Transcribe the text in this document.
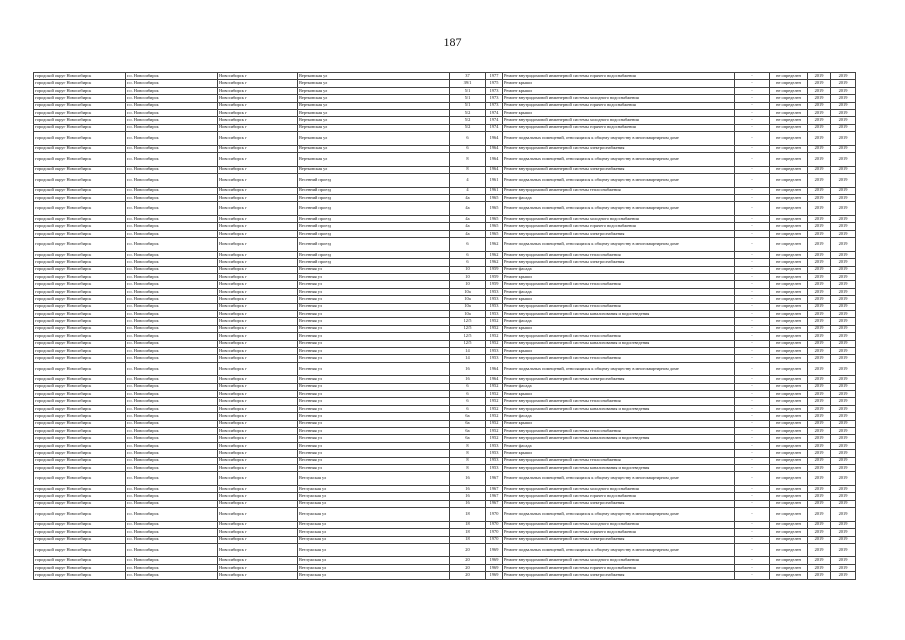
187
городской округ Новосибирск	г.о. Новосибирск	Новосибирск г	Вертковская ул	37	1977	Ремонт внутридомовой инженерной системы горячего водоснабжения	-	не определен	2019	2019
городской округ Новосибирск	г.о. Новосибирск	Новосибирск г	Вертковская ул	39/1	1975	Ремонт крыши	-	не определен	2019	2019
городской округ Новосибирск	г.о. Новосибирск	Новосибирск г	Вертковская ул	5/1	1973	Ремонт крыши	-	не определен	2019	2019
городской округ Новосибирск	г.о. Новосибирск	Новосибирск г	Вертковская ул	5/1	1973	Ремонт внутридомовой инженерной системы холодного водоснабжения	-	не определен	2019	2019
городской округ Новосибирск	г.о. Новосибирск	Новосибирск г	Вертковская ул	5/1	1973	Ремонт внутридомовой инженерной системы горячего водоснабжения	-	не определен	2019	2019
городской округ Новосибирск	г.о. Новосибирск	Новосибирск г	Вертковская ул	5/2	1974	Ремонт крыши	-	не определен	2019	2019
городской округ Новосибирск	г.о. Новосибирск	Новосибирск г	Вертковская ул	5/2	1974	Ремонт внутридомовой инженерной системы холодного водоснабжения	-	не определен	2019	2019
городской округ Новосибирск	г.о. Новосибирск	Новосибирск г	Вертковская ул	5/2	1974	Ремонт внутридомовой инженерной системы горячего водоснабжения	-	не определен	2019	2019
городской округ Новосибирск	г.о. Новосибирск	Новосибирск г	Вертковская ул	6	1964	Ремонт подвальных помещений, относящихся к общему имуществу в многоквартирном доме	-	не определен	2019	2019
городской округ Новосибирск	г.о. Новосибирск	Новосибирск г	Вертковская ул	6	1964	Ремонт внутридомовой инженерной системы электроснабжения	-	не определен	2019	2019
городской округ Новосибирск	г.о. Новосибирск	Новосибирск г	Вертковская ул	8	1964	Ремонт подвальных помещений, относящихся к общему имуществу в многоквартирном доме	-	не определен	2019	2019
городской округ Новосибирск	г.о. Новосибирск	Новосибирск г	Вертковская ул	8	1964	Ремонт внутридомовой инженерной системы электроснабжения	-	не определен	2019	2019
городской округ Новосибирск	г.о. Новосибирск	Новосибирск г	Весенний проезд	4	1961	Ремонт подвальных помещений, относящихся к общему имуществу в многоквартирном доме	-	не определен	2019	2019
городской округ Новосибирск	г.о. Новосибирск	Новосибирск г	Весенний проезд	4	1961	Ремонт внутридомовой инженерной системы теплоснабжения	-	не определен	2019	2019
городской округ Новосибирск	г.о. Новосибирск	Новосибирск г	Весенний проезд	4а	1965	Ремонт фасада	-	не определен	2019	2019
городской округ Новосибирск	г.о. Новосибирск	Новосибирск г	Весенний проезд	4а	1965	Ремонт подвальных помещений, относящихся к общему имуществу в многоквартирном доме	-	не определен	2019	2019
городской округ Новосибирск	г.о. Новосибирск	Новосибирск г	Весенний проезд	4а	1965	Ремонт внутридомовой инженерной системы холодного водоснабжения	-	не определен	2019	2019
городской округ Новосибирск	г.о. Новосибирск	Новосибирск г	Весенний проезд	4а	1965	Ремонт внутридомовой инженерной системы горячего водоснабжения	-	не определен	2019	2019
городской округ Новосибирск	г.о. Новосибирск	Новосибирск г	Весенний проезд	4а	1965	Ремонт внутридомовой инженерной системы электроснабжения	-	не определен	2019	2019
городской округ Новосибирск	г.о. Новосибирск	Новосибирск г	Весенний проезд	6	1962	Ремонт подвальных помещений, относящихся к общему имуществу в многоквартирном доме	-	не определен	2019	2019
городской округ Новосибирск	г.о. Новосибирск	Новосибирск г	Весенний проезд	6	1962	Ремонт внутридомовой инженерной системы теплоснабжения	-	не определен	2019	2019
городской округ Новосибирск	г.о. Новосибирск	Новосибирск г	Весенний проезд	6	1962	Ремонт внутридомовой инженерной системы электроснабжения	-	не определен	2019	2019
городской округ Новосибирск	г.о. Новосибирск	Новосибирск г	Весенняя ул	10	1959	Ремонт фасада	-	не определен	2019	2019
городской округ Новосибирск	г.о. Новосибирск	Новосибирск г	Весенняя ул	10	1959	Ремонт крыши	-	не определен	2019	2019
городской округ Новосибирск	г.о. Новосибирск	Новосибирск г	Весенняя ул	10	1959	Ремонт внутридомовой инженерной системы теплоснабжения	-	не определен	2019	2019
городской округ Новосибирск	г.о. Новосибирск	Новосибирск г	Весенняя ул	10а	1953	Ремонт фасада	-	не определен	2019	2019
городской округ Новосибирск	г.о. Новосибирск	Новосибирск г	Весенняя ул	10а	1953	Ремонт крыши	-	не определен	2019	2019
городской округ Новосибирск	г.о. Новосибирск	Новосибирск г	Весенняя ул	10а	1953	Ремонт внутридомовой инженерной системы теплоснабжения	-	не определен	2019	2019
городской округ Новосибирск	г.о. Новосибирск	Новосибирск г	Весенняя ул	10а	1953	Ремонт внутридомовой инженерной системы канализования и водоотведения	-	не определен	2019	2019
городской округ Новосибирск	г.о. Новосибирск	Новосибирск г	Весенняя ул	12/5	1952	Ремонт фасада	-	не определен	2019	2019
городской округ Новосибирск	г.о. Новосибирск	Новосибирск г	Весенняя ул	12/5	1952	Ремонт крыши	-	не определен	2019	2019
городской округ Новосибирск	г.о. Новосибирск	Новосибирск г	Весенняя ул	12/5	1952	Ремонт внутридомовой инженерной системы теплоснабжения	-	не определен	2019	2019
городской округ Новосибирск	г.о. Новосибирск	Новосибирск г	Весенняя ул	12/5	1952	Ремонт внутридомовой инженерной системы канализования и водоотведения	-	не определен	2019	2019
городской округ Новосибирск	г.о. Новосибирск	Новосибирск г	Весенняя ул	14	1953	Ремонт крыши	-	не определен	2019	2019
городской округ Новосибирск	г.о. Новосибирск	Новосибирск г	Весенняя ул	14	1953	Ремонт внутридомовой инженерной системы теплоснабжения	-	не определен	2019	2019
городской округ Новосибирск	г.о. Новосибирск	Новосибирск г	Весенняя ул	16	1964	Ремонт подвальных помещений, относящихся к общему имуществу в многоквартирном доме	-	не определен	2019	2019
городской округ Новосибирск	г.о. Новосибирск	Новосибирск г	Весенняя ул	16	1964	Ремонт внутридомовой инженерной системы электроснабжения	-	не определен	2019	2019
городской округ Новосибирск	г.о. Новосибирск	Новосибирск г	Весенняя ул	6	1952	Ремонт фасада	-	не определен	2019	2019
городской округ Новосибирск	г.о. Новосибирск	Новосибирск г	Весенняя ул	6	1952	Ремонт крыши	-	не определен	2019	2019
городской округ Новосибирск	г.о. Новосибирск	Новосибирск г	Весенняя ул	6	1952	Ремонт внутридомовой инженерной системы теплоснабжения	-	не определен	2019	2019
городской округ Новосибирск	г.о. Новосибирск	Новосибирск г	Весенняя ул	6	1952	Ремонт внутридомовой инженерной системы канализования и водоотведения	-	не определен	2019	2019
городской округ Новосибирск	г.о. Новосибирск	Новосибирск г	Весенняя ул	6а	1952	Ремонт фасада	-	не определен	2019	2019
городской округ Новосибирск	г.о. Новосибирск	Новосибирск г	Весенняя ул	6а	1952	Ремонт крыши	-	не определен	2019	2019
городской округ Новосибирск	г.о. Новосибирск	Новосибирск г	Весенняя ул	6а	1952	Ремонт внутридомовой инженерной системы теплоснабжения	-	не определен	2019	2019
городской округ Новосибирск	г.о. Новосибирск	Новосибирск г	Весенняя ул	6а	1952	Ремонт внутридомовой инженерной системы канализования и водоотведения	-	не определен	2019	2019
городской округ Новосибирск	г.о. Новосибирск	Новосибирск г	Весенняя ул	8	1953	Ремонт фасада	-	не определен	2019	2019
городской округ Новосибирск	г.о. Новосибирск	Новосибирск г	Весенняя ул	8	1953	Ремонт крыши	-	не определен	2019	2019
городской округ Новосибирск	г.о. Новосибирск	Новосибирск г	Весенняя ул	8	1953	Ремонт внутридомовой инженерной системы теплоснабжения	-	не определен	2019	2019
городской округ Новосибирск	г.о. Новосибирск	Новосибирск г	Весенняя ул	8	1953	Ремонт внутридомовой инженерной системы канализования и водоотведения	-	не определен	2019	2019
городской округ Новосибирск	г.о. Новосибирск	Новосибирск г	Ветлужская ул	16	1967	Ремонт подвальных помещений, относящихся к общему имуществу в многоквартирном доме	-	не определен	2019	2019
городской округ Новосибирск	г.о. Новосибирск	Новосибирск г	Ветлужская ул	16	1967	Ремонт внутридомовой инженерной системы холодного водоснабжения	-	не определен	2019	2019
городской округ Новосибирск	г.о. Новосибирск	Новосибирск г	Ветлужская ул	16	1967	Ремонт внутридомовой инженерной системы горячего водоснабжения	-	не определен	2019	2019
городской округ Новосибирск	г.о. Новосибирск	Новосибирск г	Ветлужская ул	16	1967	Ремонт внутридомовой инженерной системы электроснабжения	-	не определен	2019	2019
городской округ Новосибирск	г.о. Новосибирск	Новосибирск г	Ветлужская ул	18	1970	Ремонт подвальных помещений, относящихся к общему имуществу в многоквартирном доме	-	не определен	2019	2019
городской округ Новосибирск	г.о. Новосибирск	Новосибирск г	Ветлужская ул	18	1970	Ремонт внутридомовой инженерной системы холодного водоснабжения	-	не определен	2019	2019
городской округ Новосибирск	г.о. Новосибирск	Новосибирск г	Ветлужская ул	18	1970	Ремонт внутридомовой инженерной системы горячего водоснабжения	-	не определен	2019	2019
городской округ Новосибирск	г.о. Новосибирск	Новосибирск г	Ветлужская ул	18	1970	Ремонт внутридомовой инженерной системы электроснабжения	-	не определен	2019	2019
городской округ Новосибирск	г.о. Новосибирск	Новосибирск г	Ветлужская ул	20	1969	Ремонт подвальных помещений, относящихся к общему имуществу в многоквартирном доме	-	не определен	2019	2019
городской округ Новосибирск	г.о. Новосибирск	Новосибирск г	Ветлужская ул	20	1969	Ремонт внутридомовой инженерной системы холодного водоснабжения	-	не определен	2019	2019
городской округ Новосибирск	г.о. Новосибирск	Новосибирск г	Ветлужская ул	20	1969	Ремонт внутридомовой инженерной системы горячего водоснабжения	-	не определен	2019	2019
городской округ Новосибирск	г.о. Новосибирск	Новосибирск г	Ветлужская ул	20	1969	Ремонт внутридомовой инженерной системы электроснабжения	-	не определен	2019	2019
